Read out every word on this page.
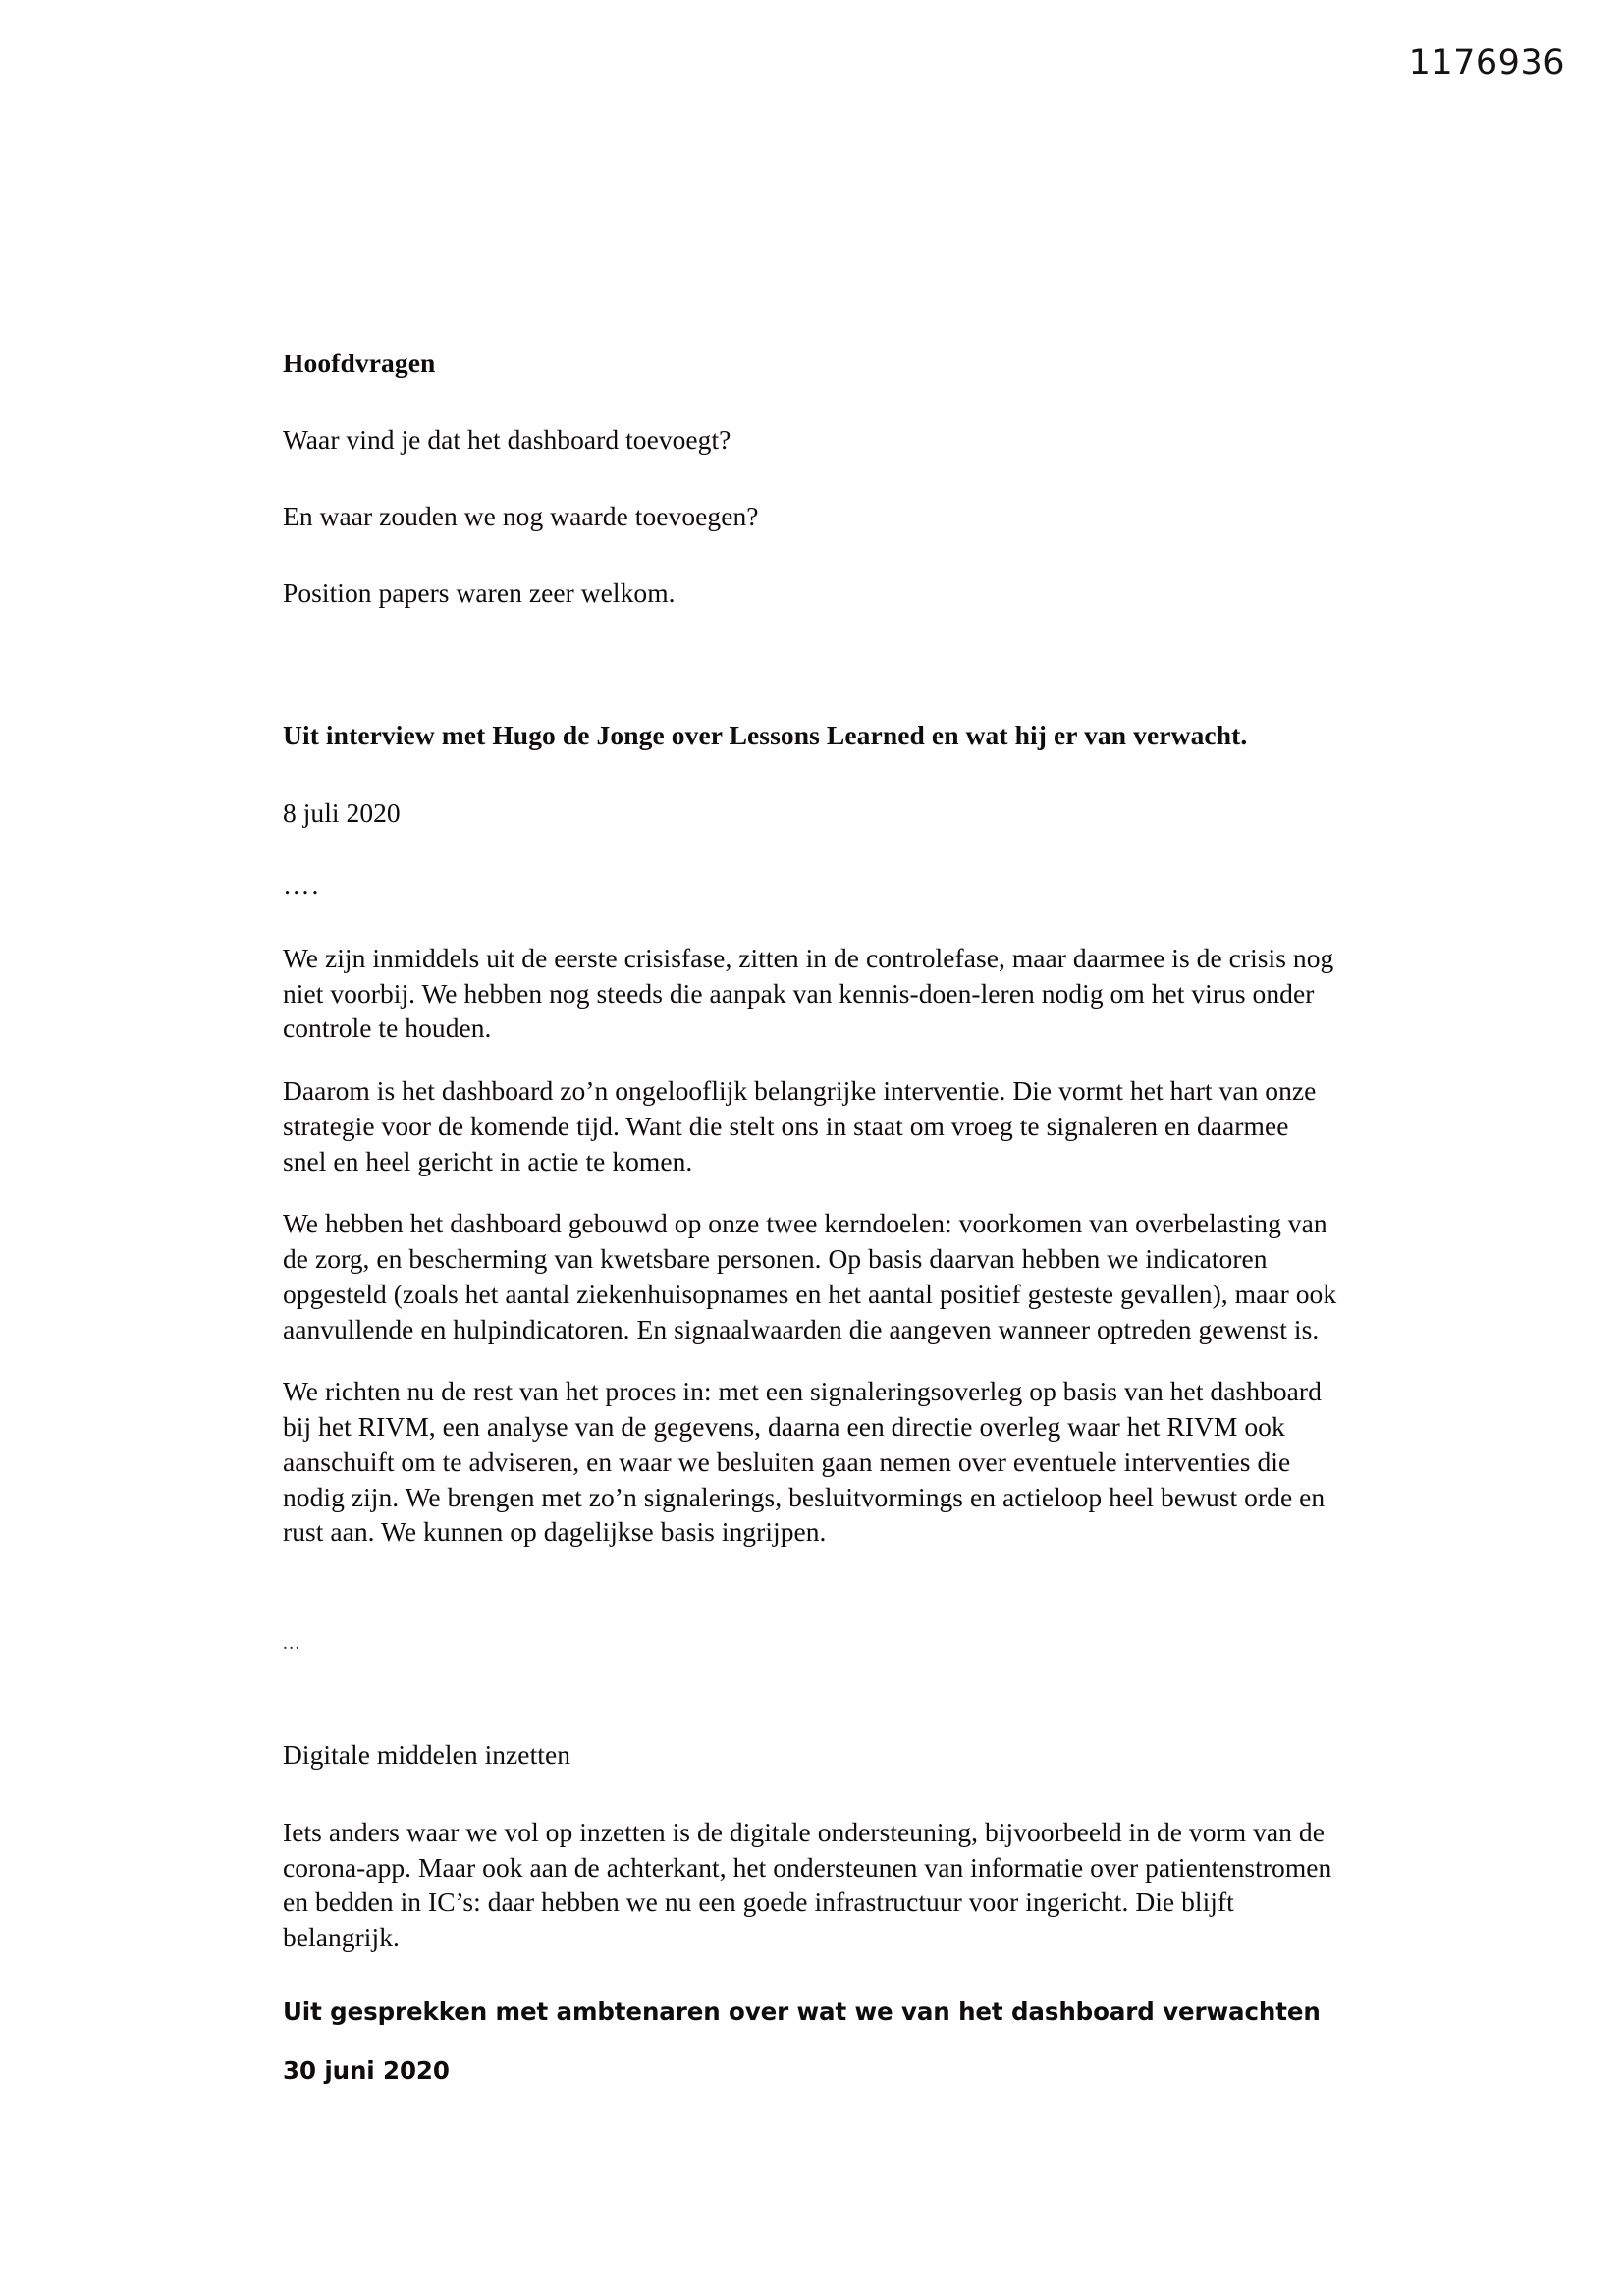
1176936

Hoofdvragen

Waar vind je dat het dashboard toevoegt?

En waar zouden we nog waarde toevoegen?

Position papers waren zeer welkom.

Uit interview met Hugo de Jonge over Lessons Learned en wat hij er van verwacht.

8 juli 2020

….

We zijn inmiddels uit de eerste crisisfase, zitten in de controlefase, maar daarmee is de crisis nog niet voorbij. We hebben nog steeds die aanpak van kennis-doen-leren nodig om het virus onder controle te houden.

Daarom is het dashboard zo’n ongelooflijk belangrijke interventie. Die vormt het hart van onze strategie voor de komende tijd. Want die stelt ons in staat om vroeg te signaleren en daarmee snel en heel gericht in actie te komen.

We hebben het dashboard gebouwd op onze twee kerndoelen: voorkomen van overbelasting van de zorg, en bescherming van kwetsbare personen. Op basis daarvan hebben we indicatoren opgesteld (zoals het aantal ziekenhuisopnames en het aantal positief gesteste gevallen), maar ook aanvullende en hulpindicatoren. En signaalwaarden die aangeven wanneer optreden gewenst is.

We richten nu de rest van het proces in: met een signaleringsoverleg op basis van het dashboard bij het RIVM, een analyse van de gegevens, daarna een directie overleg waar het RIVM ook aanschuift om te adviseren, en waar we besluiten gaan nemen over eventuele interventies die nodig zijn. We brengen met zo’n signalerings, besluitvormings en actieloop heel bewust orde en rust aan. We kunnen op dagelijkse basis ingrijpen.

...

Digitale middelen inzetten

Iets anders waar we vol op inzetten is de digitale ondersteuning, bijvoorbeeld in de vorm van de corona-app. Maar ook aan de achterkant, het ondersteunen van informatie over patientenstromen en bedden in IC’s: daar hebben we nu een goede infrastructuur voor ingericht. Die blijft belangrijk.

Uit gesprekken met ambtenaren over wat we van het dashboard verwachten

30 juni 2020
